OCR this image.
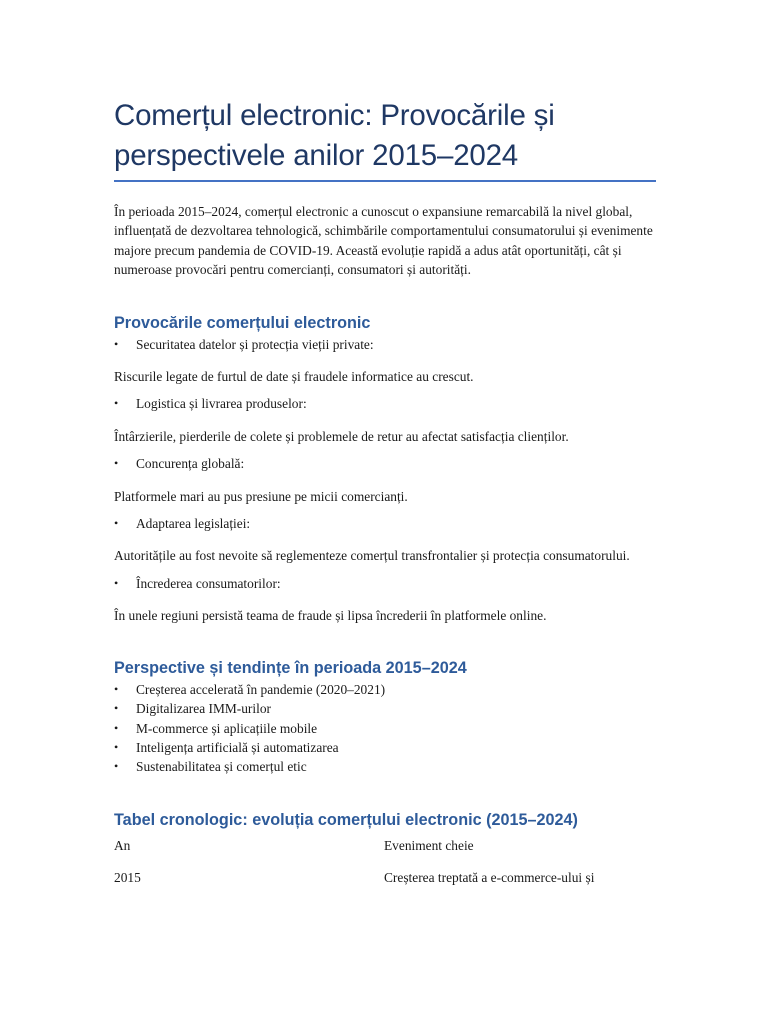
Comerțul electronic: Provocările și
perspectivele anilor 2015–2024

În perioada 2015–2024, comerțul electronic a cunoscut o expansiune remarcabilă la nivel global, influențată de dezvoltarea tehnologică, schimbările comportamentului consumatorului și evenimente majore precum pandemia de COVID-19. Această evoluție rapidă a adus atât oportunități, cât și numeroase provocări pentru comercianți, consumatori și autorități.

Provocările comerțului electronic
• Securitatea datelor și protecția vieții private:

Riscurile legate de furtul de date și fraudele informatice au crescut.

• Logistica și livrarea produselor:

Întârzierile, pierderile de colete și problemele de retur au afectat satisfacția clienților.

• Concurența globală:

Platformele mari au pus presiune pe micii comercianți.

• Adaptarea legislației:

Autoritățile au fost nevoite să reglementeze comerțul transfrontalier și protecția consumatorului.

• Încrederea consumatorilor:

În unele regiuni persistă teama de fraude și lipsa încrederii în platformele online.

Perspective și tendințe în perioada 2015–2024
• Creșterea accelerată în pandemie (2020–2021)
• Digitalizarea IMM-urilor
• M-commerce și aplicațiile mobile
• Inteligența artificială și automatizarea
• Sustenabilitatea și comerțul etic
Tabel cronologic: evoluția comerțului electronic (2015–2024)
An	Eveniment cheie
2015	Creșterea treptată a e-commerce-ului și
